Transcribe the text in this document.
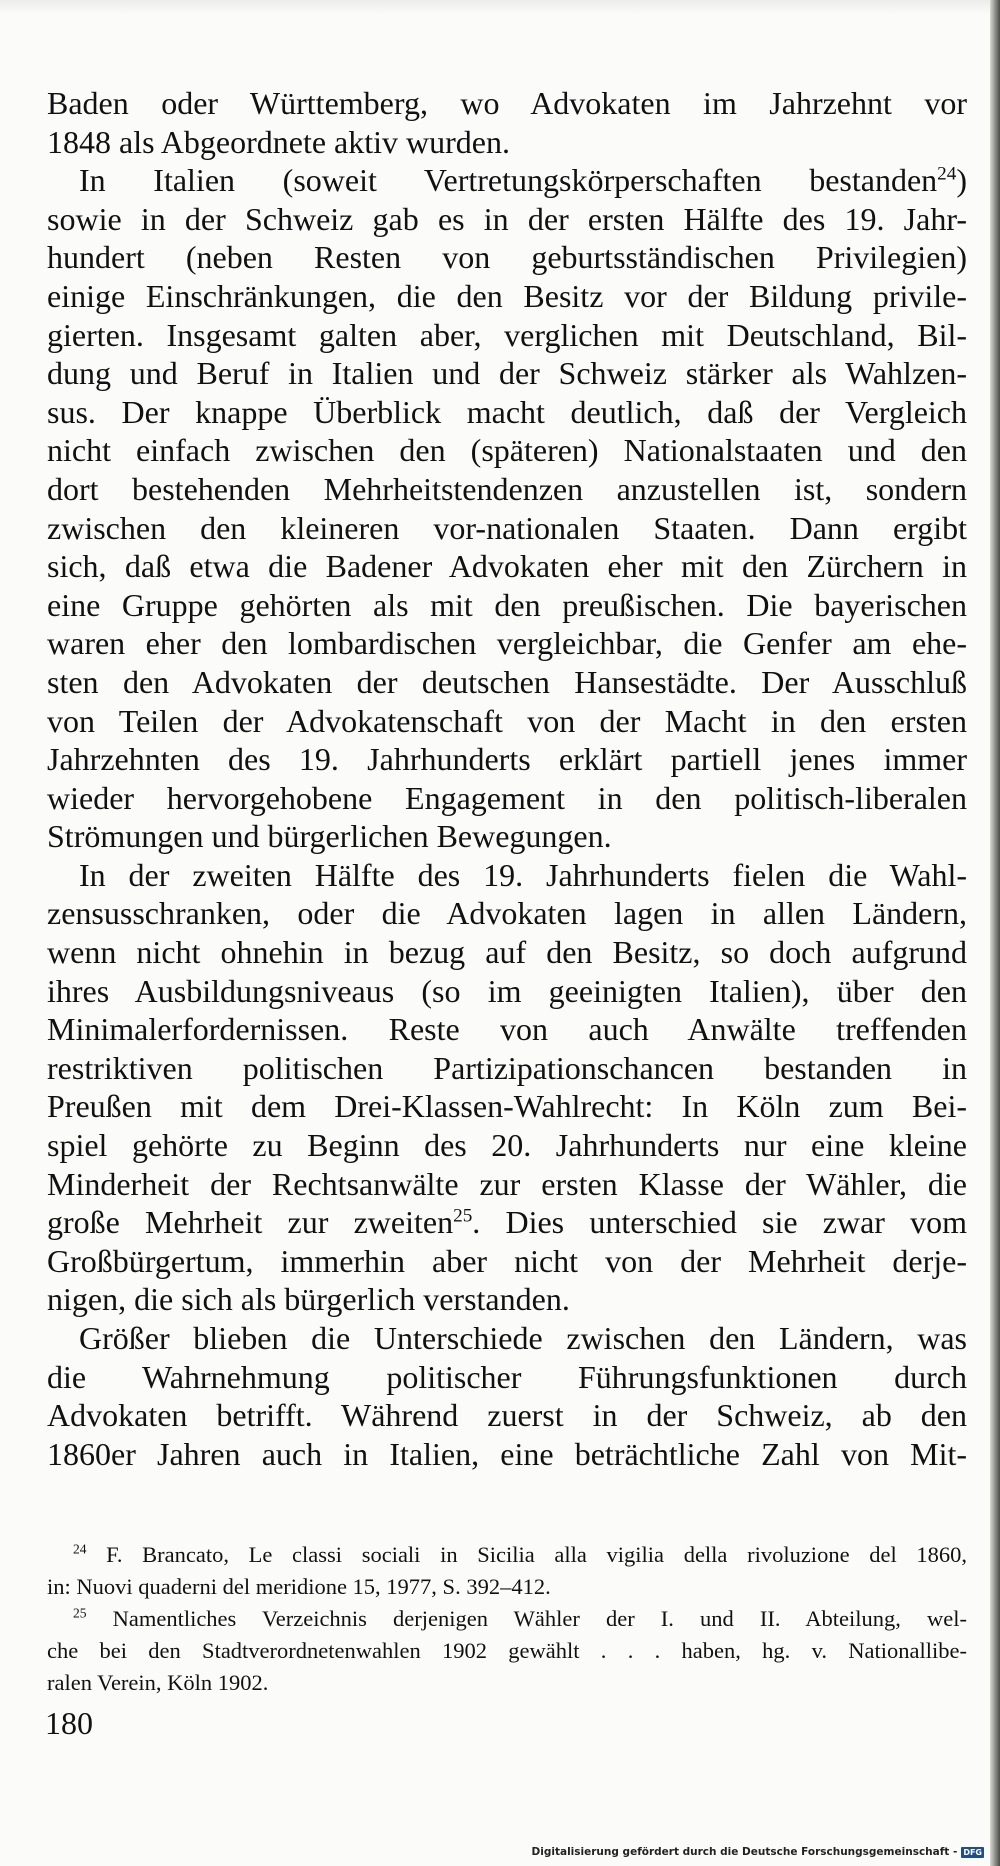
Baden oder Württemberg, wo Advokaten im Jahrzehnt vor
1848 als Abgeordnete aktiv wurden.
In Italien (soweit Vertretungskörperschaften bestanden$^{24}$)
sowie in der Schweiz gab es in der ersten Hälfte des 19. Jahr-
hundert (neben Resten von geburtsständischen Privilegien)
einige Einschränkungen, die den Besitz vor der Bildung privile-
gierten. Insgesamt galten aber, verglichen mit Deutschland, Bil-
dung und Beruf in Italien und der Schweiz stärker als Wahlzen-
sus. Der knappe Überblick macht deutlich, daß der Vergleich
nicht einfach zwischen den (späteren) Nationalstaaten und den
dort bestehenden Mehrheitstendenzen anzustellen ist, sondern
zwischen den kleineren vor-nationalen Staaten. Dann ergibt
sich, daß etwa die Badener Advokaten eher mit den Zürchern in
eine Gruppe gehörten als mit den preußischen. Die bayerischen
waren eher den lombardischen vergleichbar, die Genfer am ehe-
sten den Advokaten der deutschen Hansestädte. Der Ausschluß
von Teilen der Advokatenschaft von der Macht in den ersten
Jahrzehnten des 19. Jahrhunderts erklärt partiell jenes immer
wieder hervorgehobene Engagement in den politisch-liberalen
Strömungen und bürgerlichen Bewegungen.
In der zweiten Hälfte des 19. Jahrhunderts fielen die Wahl-
zensusschranken, oder die Advokaten lagen in allen Ländern,
wenn nicht ohnehin in bezug auf den Besitz, so doch aufgrund
ihres Ausbildungsniveaus (so im geeinigten Italien), über den
Minimalerfordernissen. Reste von auch Anwälte treffenden
restriktiven politischen Partizipationschancen bestanden in
Preußen mit dem Drei-Klassen-Wahlrecht: In Köln zum Bei-
spiel gehörte zu Beginn des 20. Jahrhunderts nur eine kleine
Minderheit der Rechtsanwälte zur ersten Klasse der Wähler, die
große Mehrheit zur zweiten$^{25}$. Dies unterschied sie zwar vom
Großbürgertum, immerhin aber nicht von der Mehrheit derje-
nigen, die sich als bürgerlich verstanden.
Größer blieben die Unterschiede zwischen den Ländern, was
die Wahrnehmung politischer Führungsfunktionen durch
Advokaten betrifft. Während zuerst in der Schweiz, ab den
1860er Jahren auch in Italien, eine beträchtliche Zahl von Mit-
$^{24}$ F. Brancato, Le classi sociali in Sicilia alla vigilia della rivoluzione del 1860,
in: Nuovi quaderni del meridione 15, 1977, S. 392–412.
$^{25}$ Namentliches Verzeichnis derjenigen Wähler der I. und II. Abteilung, wel-
che bei den Stadtverordnetenwahlen 1902 gewählt . . . haben, hg. v. Nationallibe-
ralen Verein, Köln 1902.
180
Digitalisierung gefördert durch die Deutsche Forschungsgemeinschaft - DFG
